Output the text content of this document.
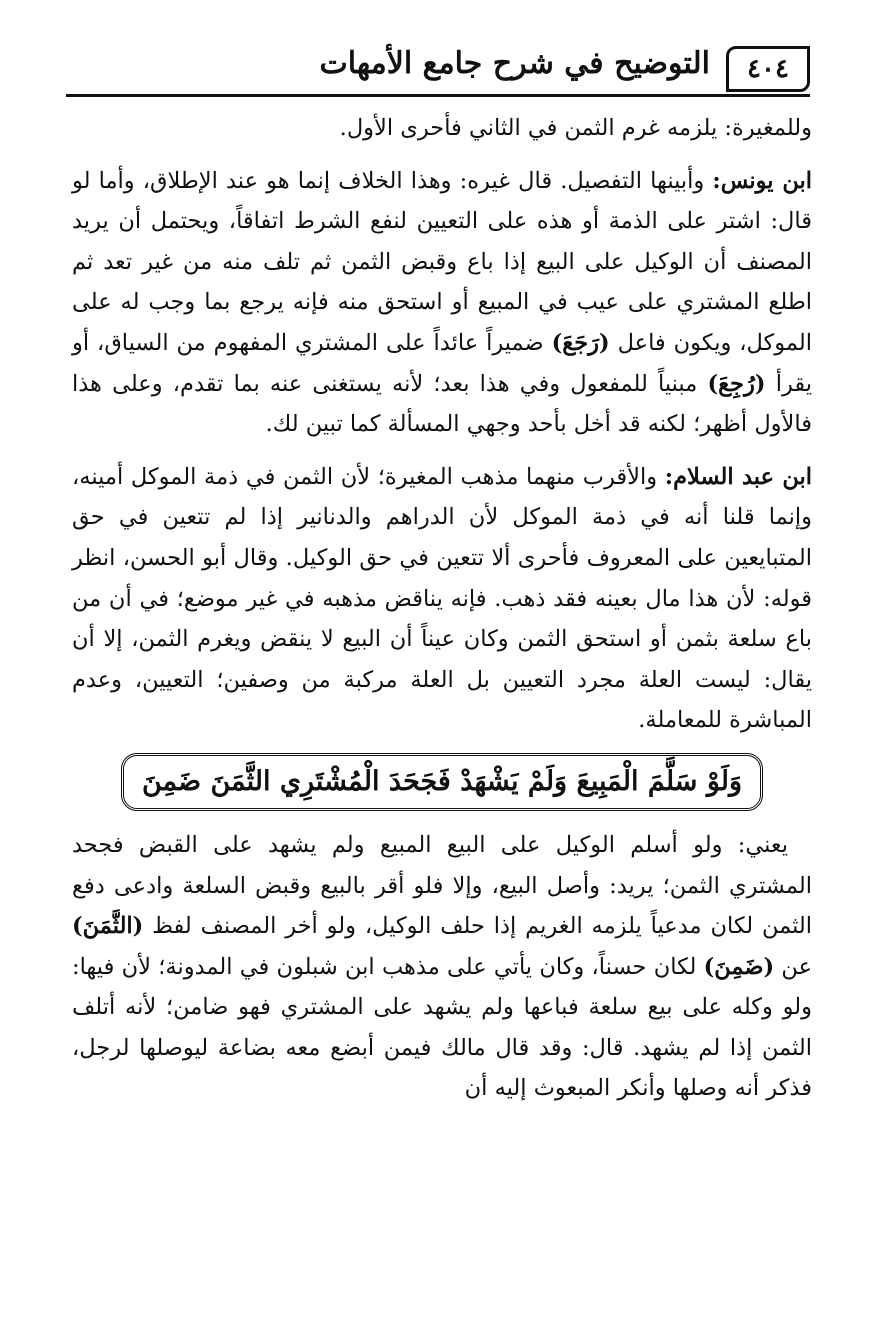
٤٠٤
التوضيح في شرح جامع الأمهات

وللمغيرة: يلزمه غرم الثمن في الثاني فأحرى الأول.

ابن يونس: وأبينها التفصيل. قال غيره: وهذا الخلاف إنما هو عند الإطلاق، وأما لو قال: اشتر على الذمة أو هذه على التعيين لنفع الشرط اتفاقاً، ويحتمل أن يريد المصنف أن الوكيل على البيع إذا باع وقبض الثمن ثم تلف منه من غير تعد ثم اطلع المشتري على عيب في المبيع أو استحق منه فإنه يرجع بما وجب له على الموكل، ويكون فاعل (رَجَعَ) ضميراً عائداً على المشتري المفهوم من السياق، أو يقرأ (رُجِعَ) مبنياً للمفعول وفي هذا بعد؛ لأنه يستغنى عنه بما تقدم، وعلى هذا فالأول أظهر؛ لكنه قد أخل بأحد وجهي المسألة كما تبين لك.

ابن عبد السلام: والأقرب منهما مذهب المغيرة؛ لأن الثمن في ذمة الموكل أمينه، وإنما قلنا أنه في ذمة الموكل لأن الدراهم والدنانير إذا لم تتعين في حق المتبايعين على المعروف فأحرى ألا تتعين في حق الوكيل. وقال أبو الحسن، انظر قوله: لأن هذا مال بعينه فقد ذهب. فإنه يناقض مذهبه في غير موضع؛ في أن من باع سلعة بثمن أو استحق الثمن وكان عيناً أن البيع لا ينقض ويغرم الثمن، إلا أن يقال: ليست العلة مجرد التعيين بل العلة مركبة من وصفين؛ التعيين، وعدم المباشرة للمعاملة.

وَلَوْ سَلَّمَ الْمَبِيعَ وَلَمْ يَشْهَدْ فَجَحَدَ الْمُشْتَرِي الثَّمَنَ ضَمِنَ

يعني: ولو أسلم الوكيل على البيع المبيع ولم يشهد على القبض فجحد المشتري الثمن؛ يريد: وأصل البيع، وإلا فلو أقر بالبيع وقبض السلعة وادعى دفع الثمن لكان مدعياً يلزمه الغريم إذا حلف الوكيل، ولو أخر المصنف لفظ (الثَّمَنَ) عن (ضَمِنَ) لكان حسناً، وكان يأتي على مذهب ابن شبلون في المدونة؛ لأن فيها: ولو وكله على بيع سلعة فباعها ولم يشهد على المشتري فهو ضامن؛ لأنه أتلف الثمن إذا لم يشهد. قال: وقد قال مالك فيمن أبضع معه بضاعة ليوصلها لرجل، فذكر أنه وصلها وأنكر المبعوث إليه أن
